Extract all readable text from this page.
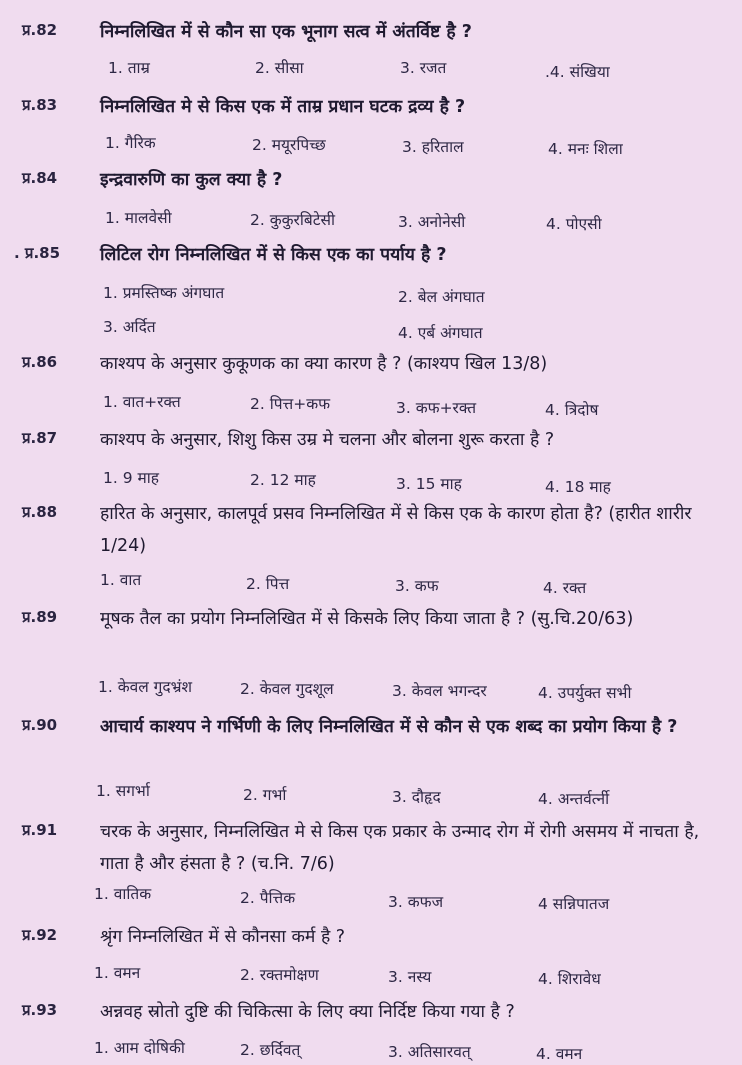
प्र.82 निम्नलिखित में से कौन सा एक भूनाग सत्व में अंतर्विष्ट है ?
1. ताम्र	2. सीसा	3. रजत	.4. संखिया
प्र.83 निम्नलिखित मे से किस एक में ताम्र प्रधान घटक द्रव्य है ?
1. गैरिक	2. मयूरपिच्छ	3. हरिताल	4. मनः शिला
प्र.84 इन्द्रवारुणि का कुल क्या है ?
1. मालवेसी	2. कुकुरबिटेसी	3. अनोनेसी	4. पोएसी
. प्र.85 लिटिल रोग निम्नलिखित में से किस एक का पर्याय है ?
1. प्रमस्तिष्क अंगघात	2. बेल अंगघात
3. अर्दित	4. एर्ब अंगघात
प्र.86 काश्यप के अनुसार कुकूणक का क्या कारण है ? (काश्यप खिल 13/8)
1. वात+रक्त	2. पित्त+कफ	3. कफ+रक्त	4. त्रिदोष
प्र.87 काश्यप के अनुसार, शिशु किस उम्र मे चलना और बोलना शुरू करता है ?
1. 9 माह	2. 12 माह	3. 15 माह	4. 18 माह
प्र.88 हारित के अनुसार, कालपूर्व प्रसव निम्नलिखित में से किस एक के कारण होता है? (हारीत शारीर 1/24)
1. वात	2. पित्त	3. कफ	4. रक्त
प्र.89 मूषक तैल का प्रयोग निम्नलिखित में से किसके लिए किया जाता है ? (सु.चि.20/63)
1. केवल गुदभ्रंश	2. केवल गुदशूल	3. केवल भगन्दर	4. उपर्युक्त सभी
प्र.90 आचार्य काश्यप ने गर्भिणी के लिए निम्नलिखित में से कौन से एक शब्द का प्रयोग किया है ?
1. सगर्भा	2. गर्भा	3. दौहृद	4. अन्तर्वर्त्नी
प्र.91 चरक के अनुसार, निम्नलिखित मे से किस एक प्रकार के उन्माद रोग में रोगी असमय में नाचता है, गाता है और हंसता है ? (च.नि. 7/6)
1. वातिक	2. पैत्तिक	3. कफज	4 सन्निपातज
प्र.92 श्रृंग निम्नलिखित में से कौनसा कर्म है ?
1. वमन	2. रक्तमोक्षण	3. नस्य	4. शिरावेध
प्र.93 अन्नवह स्रोतो दुष्टि की चिकित्सा के लिए क्या निर्दिष्ट किया गया है ?
1. आम दोषिकी	2. छर्दिवत्	3. अतिसारवत्	4. वमन
